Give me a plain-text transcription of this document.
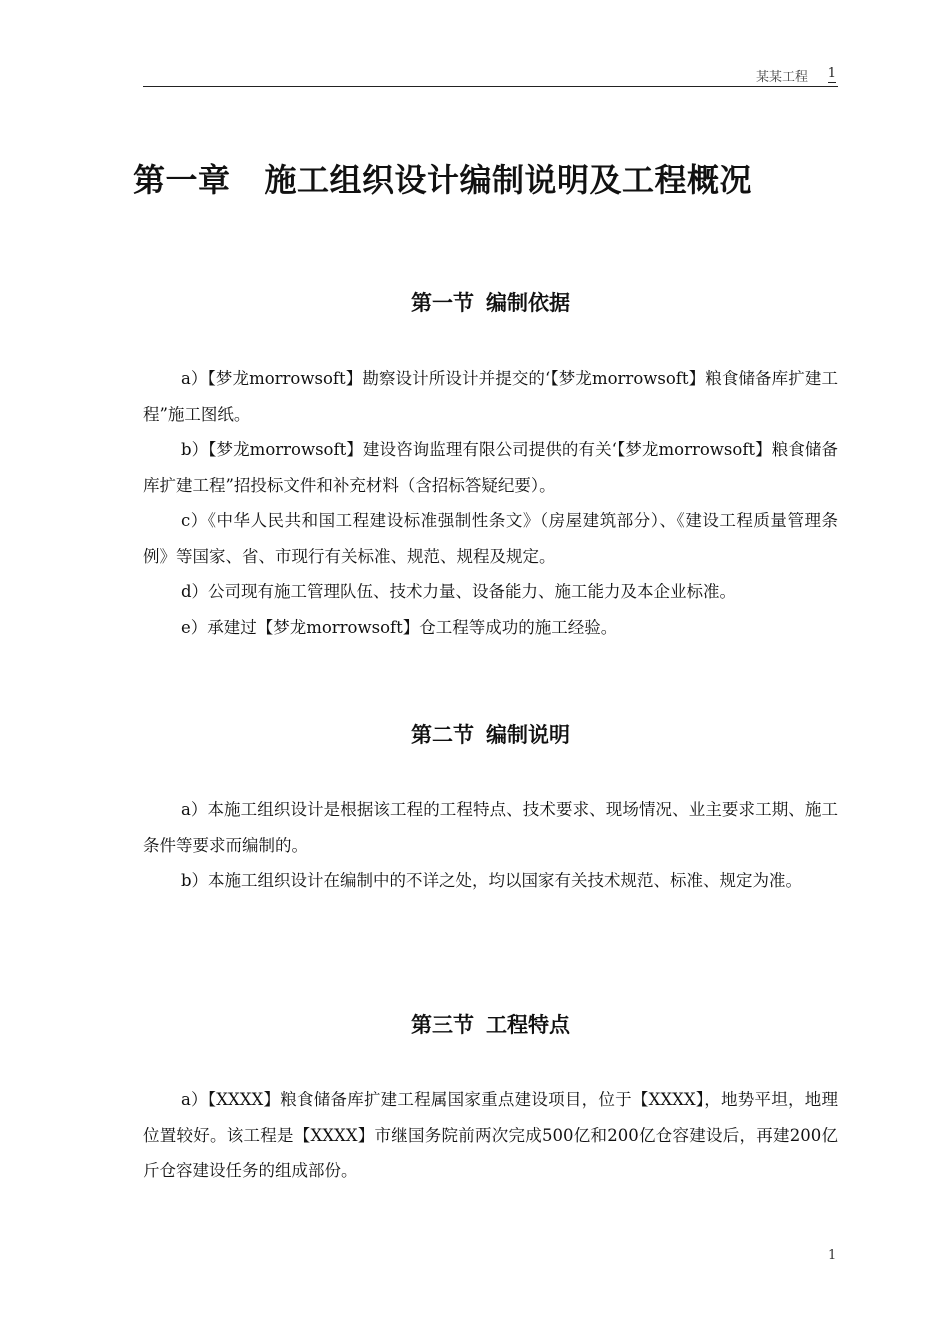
某某工程 1
第一章 施工组织设计编制说明及工程概况
第一节 编制依据

a）【梦龙morrowsoft】勘察设计所设计并提交的‘【梦龙morrowsoft】粮食储备库扩建工程”施工图纸。

b）【梦龙morrowsoft】建设咨询监理有限公司提供的有关‘【梦龙morrowsoft】粮食储备库扩建工程”招投标文件和补充材料（含招标答疑纪要）。

c）《中华人民共和国工程建设标准强制性条文》（房屋建筑部分）、《建设工程质量管理条例》等国家、省、市现行有关标准、规范、规程及规定。

d）公司现有施工管理队伍、技术力量、设备能力、施工能力及本企业标准。

e）承建过【梦龙morrowsoft】仓工程等成功的施工经验。

第二节 编制说明

a）本施工组织设计是根据该工程的工程特点、技术要求、现场情况、业主要求工期、施工条件等要求而编制的。

b）本施工组织设计在编制中的不详之处，均以国家有关技术规范、标准、规定为准。

第三节 工程特点

a）【XXXX】粮食储备库扩建工程属国家重点建设项目，位于【XXXX】，地势平坦，地理位置较好。该工程是【XXXX】市继国务院前两次完成500亿和200亿仓容建设后，再建200亿斤仓容建设任务的组成部份。

1
